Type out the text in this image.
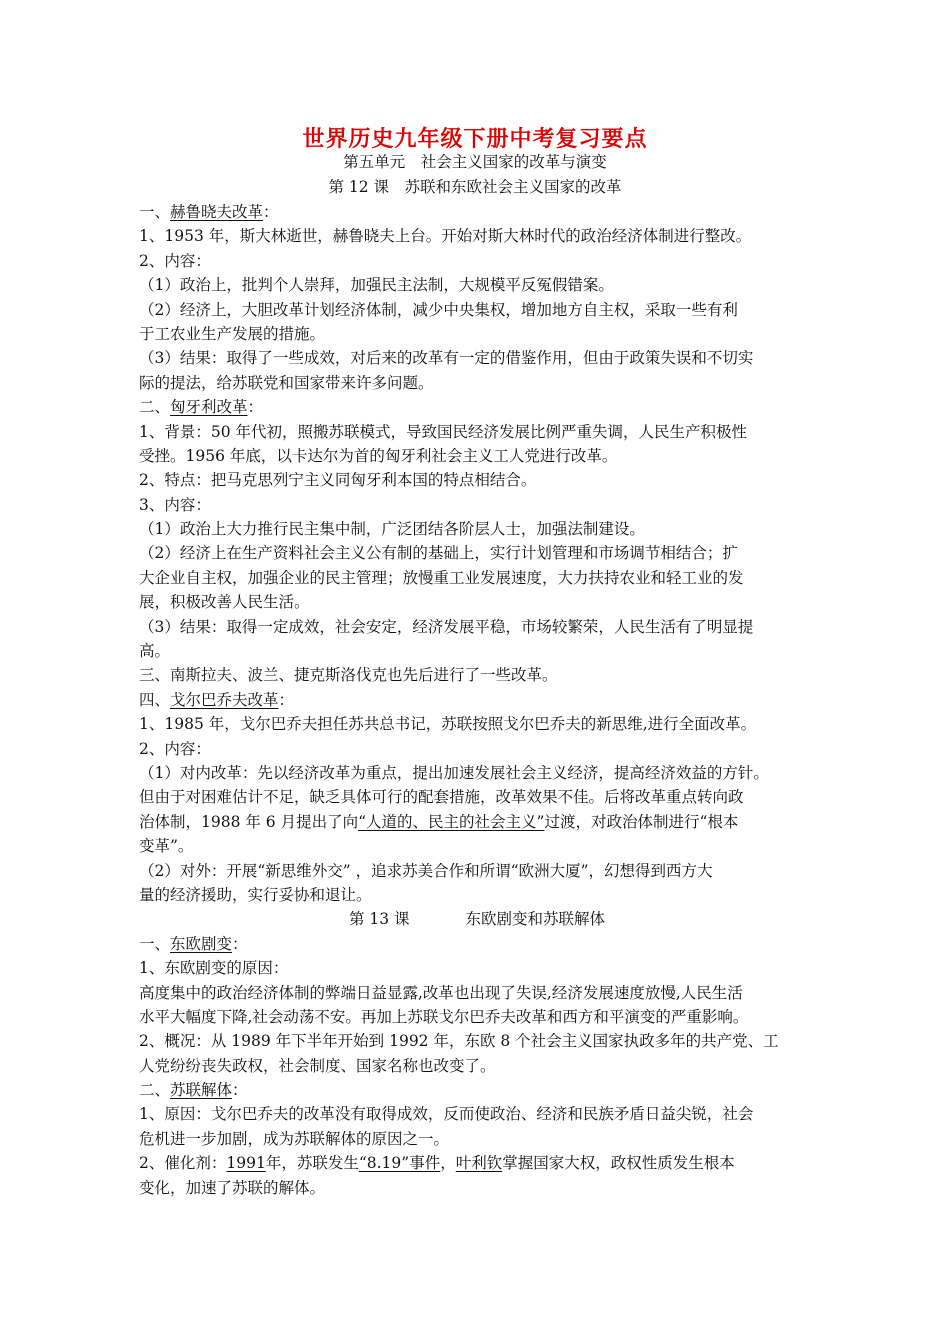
世界历史九年级下册中考复习要点
第五单元　社会主义国家的改革与演变
第 12 课　苏联和东欧社会主义国家的改革
一、赫鲁晓夫改革：
1、1953 年，斯大林逝世，赫鲁晓夫上台。开始对斯大林时代的政治经济体制进行整改。
2、内容：
（1）政治上，批判个人崇拜，加强民主法制，大规模平反冤假错案。
（2）经济上，大胆改革计划经济体制，减少中央集权，增加地方自主权，采取一些有利
于工农业生产发展的措施。
（3）结果：取得了一些成效，对后来的改革有一定的借鉴作用，但由于政策失误和不切实
际的提法，给苏联党和国家带来许多问题。
二、匈牙利改革：
1、背景：50 年代初，照搬苏联模式，导致国民经济发展比例严重失调，人民生产积极性
受挫。1956 年底，以卡达尔为首的匈牙利社会主义工人党进行改革。
2、特点：把马克思列宁主义同匈牙利本国的特点相结合。
3、内容：
（1）政治上大力推行民主集中制，广泛团结各阶层人士，加强法制建设。
（2）经济上在生产资料社会主义公有制的基础上，实行计划管理和市场调节相结合；扩
大企业自主权，加强企业的民主管理；放慢重工业发展速度，大力扶持农业和轻工业的发
展，积极改善人民生活。
（3）结果：取得一定成效，社会安定，经济发展平稳，市场较繁荣，人民生活有了明显提
高。
三、南斯拉夫、波兰、捷克斯洛伐克也先后进行了一些改革。
四、戈尔巴乔夫改革：
1、1985 年，戈尔巴乔夫担任苏共总书记，苏联按照戈尔巴乔夫的新思维,进行全面改革。
2、内容：
（1）对内改革：先以经济改革为重点，提出加速发展社会主义经济，提高经济效益的方针。
但由于对困难估计不足，缺乏具体可行的配套措施，改革效果不佳。后将改革重点转向政
治体制，1988 年 6 月提出了向“人道的、民主的社会主义”过渡，对政治体制进行“根本
变革”。
（2）对外：开展“新思维外交” ，追求苏美合作和所谓“欧洲大厦”，幻想得到西方大
量的经济援助，实行妥协和退让。
第 13 课	东欧剧变和苏联解体
一、东欧剧变：
1、东欧剧变的原因：
高度集中的政治经济体制的弊端日益显露,改革也出现了失误,经济发展速度放慢,人民生活
水平大幅度下降,社会动荡不安。再加上苏联戈尔巴乔夫改革和西方和平演变的严重影响。
2、概况：从 1989 年下半年开始到 1992 年，东欧 8 个社会主义国家执政多年的共产党、工
人党纷纷丧失政权，社会制度、国家名称也改变了。
二、苏联解体：
1、原因：戈尔巴乔夫的改革没有取得成效，反而使政治、经济和民族矛盾日益尖锐，社会
危机进一步加剧，成为苏联解体的原因之一。
2、催化剂：1991年，苏联发生“8.19”事件，叶利钦掌握国家大权，政权性质发生根本
变化，加速了苏联的解体。
